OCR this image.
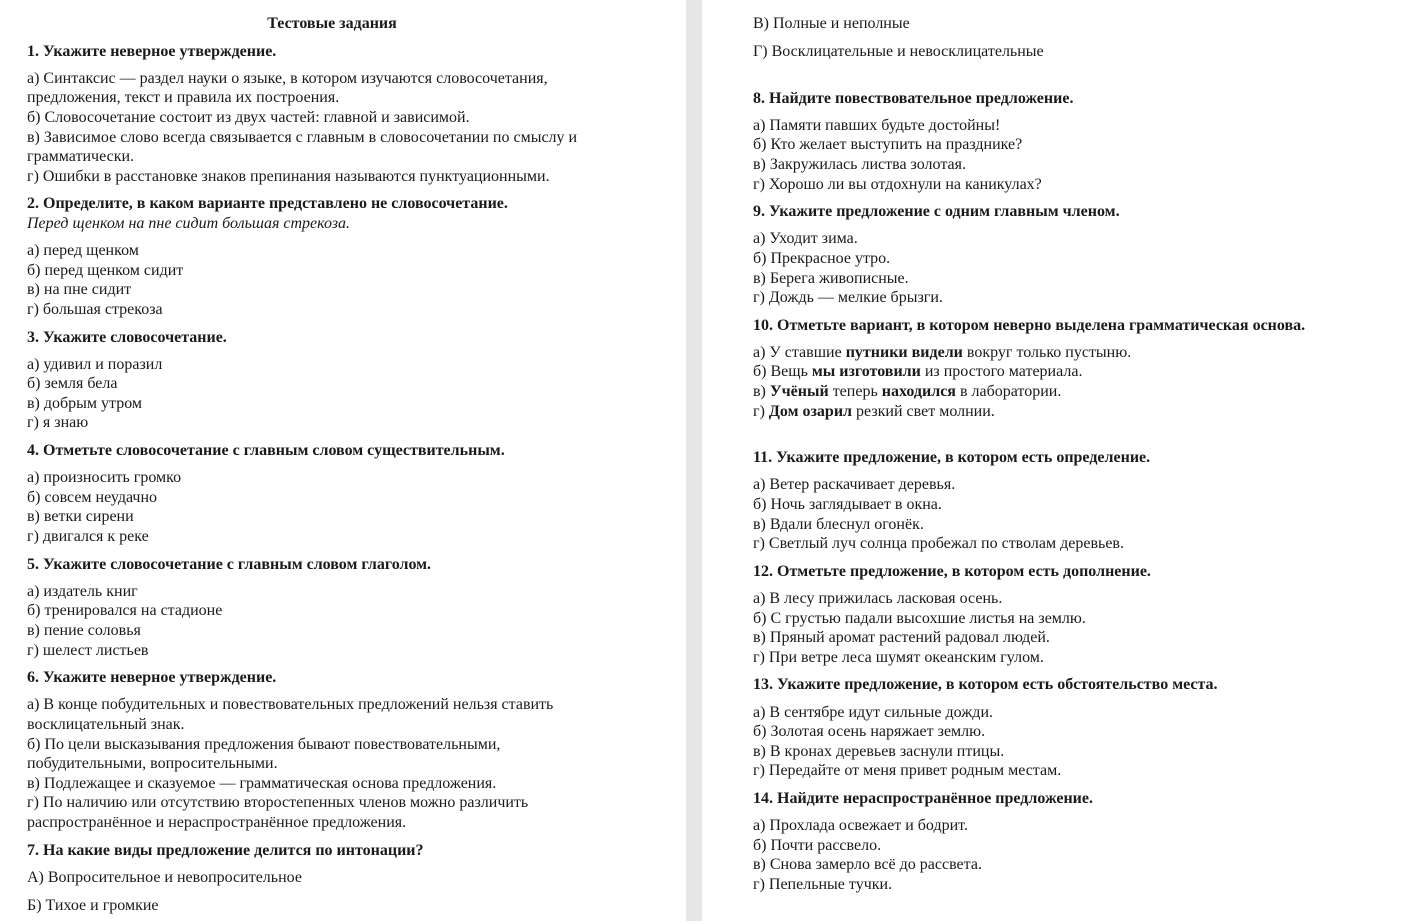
Тестовые задания
1. Укажите неверное утверждение.
а) Синтаксис — раздел науки о языке, в котором изучаются словосочетания, предложения, текст и правила их построения.
б) Словосочетание состоит из двух частей: главной и зависимой.
в) Зависимое слово всегда связывается с главным в словосочетании по смыслу и грамматически.
г) Ошибки в расстановке знаков препинания называются пунктуационными.
2. Определите, в каком варианте представлено не словосочетание.
Перед щенком на пне сидит большая стрекоза.
а) перед щенком
б) перед щенком сидит
в) на пне сидит
г) большая стрекоза
3. Укажите словосочетание.
а) удивил и поразил
б) земля бела
в) добрым утром
г) я знаю
4. Отметьте словосочетание с главным словом существительным.
а) произносить громко
б) совсем неудачно
в) ветки сирени
г) двигался к реке
5. Укажите словосочетание с главным словом глаголом.
а) издатель книг
б) тренировался на стадионе
в) пение соловья
г) шелест листьев
6. Укажите неверное утверждение.
а) В конце побудительных и повествовательных предложений нельзя ставить восклицательный знак.
б) По цели высказывания предложения бывают повествовательными, побудительными, вопросительными.
в) Подлежащее и сказуемое — грамматическая основа предложения.
г) По наличию или отсутствию второстепенных членов можно различить распространённое и нераспространённое предложения.
7. На какие виды предложение делится по интонации?
А) Вопросительное и невопросительное
Б) Тихое и громкие
В) Полные и неполные
Г) Восклицательные и невосклицательные
8. Найдите повествовательное предложение.
а) Памяти павших будьте достойны!
б) Кто желает выступить на празднике?
в) Закружилась листва золотая.
г) Хорошо ли вы отдохнули на каникулах?
9. Укажите предложение с одним главным членом.
а) Уходит зима.
б) Прекрасное утро.
в) Берега живописные.
г) Дождь — мелкие брызги.
10. Отметьте вариант, в котором неверно выделена грамматическая основа.
а) У ставшие путники видели вокруг только пустыню.
б) Вещь мы изготовили из простого материала.
в) Учёный теперь находился в лаборатории.
г) Дом озарил резкий свет молнии.
11. Укажите предложение, в котором есть определение.
а) Ветер раскачивает деревья.
б) Ночь заглядывает в окна.
в) Вдали блеснул огонёк.
г) Светлый луч солнца пробежал по стволам деревьев.
12. Отметьте предложение, в котором есть дополнение.
а) В лесу прижилась ласковая осень.
б) С грустью падали высохшие листья на землю.
в) Пряный аромат растений радовал людей.
г) При ветре леса шумят океанским гулом.
13. Укажите предложение, в котором есть обстоятельство места.
а) В сентябре идут сильные дожди.
б) Золотая осень наряжает землю.
в) В кронах деревьев заснули птицы.
г) Передайте от меня привет родным местам.
14. Найдите нераспространённое предложение.
а) Прохлада освежает и бодрит.
б) Почти рассвело.
в) Снова замерло всё до рассвета.
г) Пепельные тучки.
